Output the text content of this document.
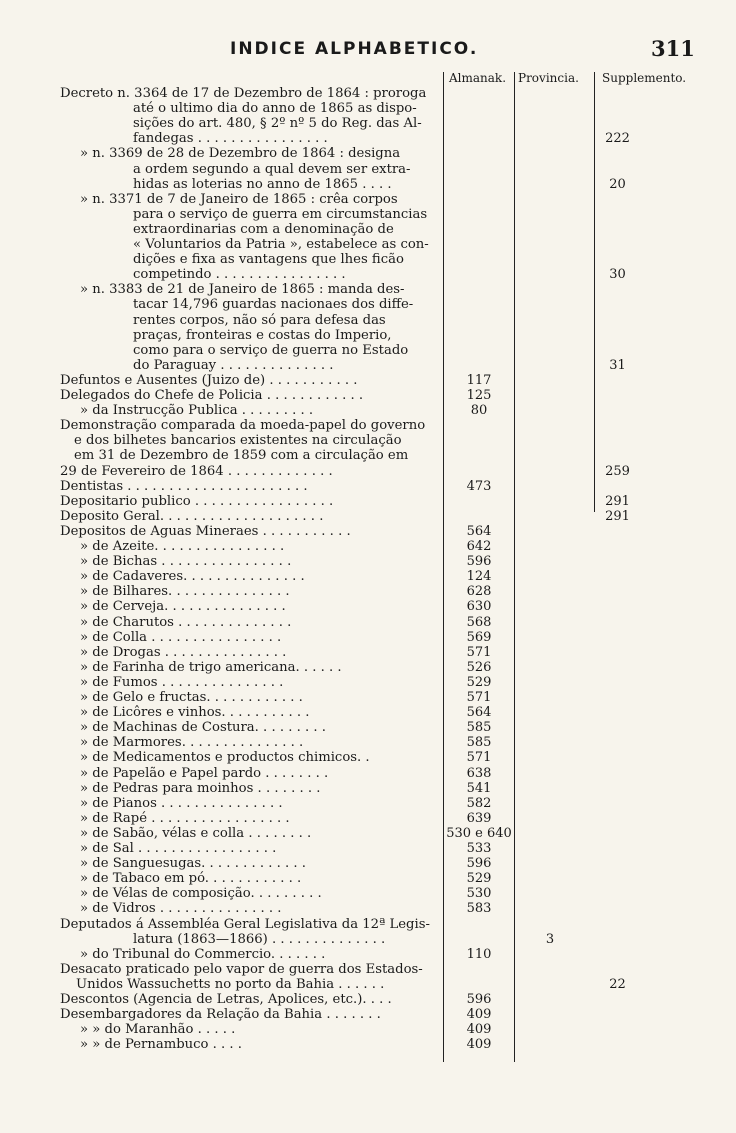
INDICE ALPHABETICO.	311
Almanak. Provincia. Supplemento.
Decreto n. 3364 de 17 de Dezembro de 1864 : proroga
até o ultimo dia do anno de 1865 as dispo-
sições do art. 480, § 2º nº 5 do Reg. das Al-
fandegas . . . . . . . . . . . . . . . .	222
» n. 3369 de 28 de Dezembro de 1864 : designa
a ordem segundo a qual devem ser extra-
hidas as loterias no anno de 1865 . . . .	20
» n. 3371 de 7 de Janeiro de 1865 : crêa corpos
para o serviço de guerra em circumstancias
extraordinarias com a denominação de
« Voluntarios da Patria », estabelece as con-
dições e fixa as vantagens que lhes ficão
competindo . . . . . . . . . . . . . . . .	30
» n. 3383 de 21 de Janeiro de 1865 : manda des-
tacar 14,796 guardas nacionaes dos diffe-
rentes corpos, não só para defesa das
praças, fronteiras e costas do Imperio,
como para o serviço de guerra no Estado
do Paraguay . . . . . . . . . . . . . .	31
Defuntos e Ausentes (Juizo de) . . . . . . . . . . .	117
Delegados do Chefe de Policia . . . . . . . . . . . .	125
» da Instrucção Publica . . . . . . . . .	80
Demonstração comparada da moeda-papel do governo
e dos bilhetes bancarios existentes na circulação
em 31 de Dezembro de 1859 com a circulação em
29 de Fevereiro de 1864 . . . . . . . . . . . . .	259
Dentistas . . . . . . . . . . . . . . . . . . . . . .	473
Depositario publico . . . . . . . . . . . . . . . . .	291
Deposito Geral. . . . . . . . . . . . . . . . . . . .	291
Depositos de Aguas Mineraes . . . . . . . . . . .	564
» de Azeite. . . . . . . . . . . . . . . .	642
» de Bichas . . . . . . . . . . . . . . . .	596
» de Cadaveres. . . . . . . . . . . . . . .	124
» de Bilhares. . . . . . . . . . . . . . .	628
» de Cerveja. . . . . . . . . . . . . . .	630
» de Charutos . . . . . . . . . . . . . .	568
» de Colla . . . . . . . . . . . . . . . .	569
» de Drogas . . . . . . . . . . . . . . .	571
» de Farinha de trigo americana. . . . . .	526
» de Fumos . . . . . . . . . . . . . . .	529
» de Gelo e fructas. . . . . . . . . . . .	571
» de Licôres e vinhos. . . . . . . . . . .	564
» de Machinas de Costura. . . . . . . . .	585
» de Marmores. . . . . . . . . . . . . . .	585
» de Medicamentos e productos chimicos. .	571
» de Papelão e Papel pardo . . . . . . . .	638
» de Pedras para moinhos . . . . . . . .	541
» de Pianos . . . . . . . . . . . . . . .	582
» de Rapé . . . . . . . . . . . . . . . . .	639
» de Sabão, vélas e colla . . . . . . . .	530 e 640
» de Sal . . . . . . . . . . . . . . . . .	533
» de Sanguesugas. . . . . . . . . . . . .	596
» de Tabaco em pó. . . . . . . . . . . .	529
» de Vélas de composição. . . . . . . . .	530
» de Vidros . . . . . . . . . . . . . . .	583
Deputados á Assembléa Geral Legislativa da 12ª Legis-
latura (1863—1866) . . . . . . . . . . . . . .	3
» do Tribunal do Commercio. . . . . . .	110
Desacato praticado pelo vapor de guerra dos Estados-
Unidos Wassuchetts no porto da Bahia . . . . . .	22
Descontos (Agencia de Letras, Apolices, etc.). . . .	596
Desembargadores da Relação da Bahia . . . . . . .	409
» » do Maranhão . . . . .	409
» » de Pernambuco . . . .	409
